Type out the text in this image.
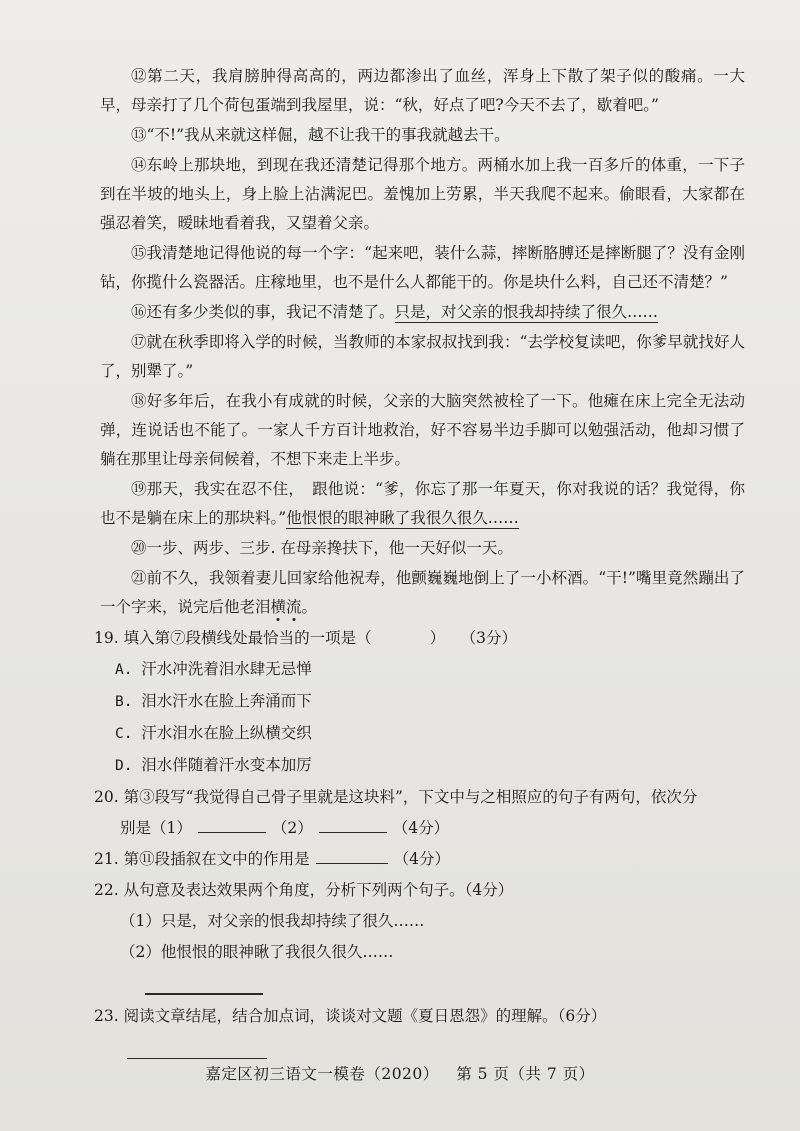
⑫第二天，我肩膀肿得高高的，两边都渗出了血丝，浑身上下散了架子似的酸痛。一大早，母亲打了几个荷包蛋端到我屋里，说：“秋，好点了吧?今天不去了，歇着吧。”

⑬“不!”我从来就这样倔，越不让我干的事我就越去干。

⑭东岭上那块地，到现在我还清楚记得那个地方。两桶水加上我一百多斤的体重，一下子到在半坡的地头上，身上脸上沾满泥巴。羞愧加上劳累，半天我爬不起来。偷眼看，大家都在强忍着笑，暧昧地看着我，又望着父亲。

⑮我清楚地记得他说的每一个字：“起来吧，装什么蒜，摔断胳膊还是摔断腿了？没有金刚钻，你揽什么瓷器活。庄稼地里，也不是什么人都能干的。你是块什么料，自己还不清楚？”

⑯还有多少类似的事，我记不清楚了。只是，对父亲的恨我却持续了很久……

⑰就在秋季即将入学的时候，当教师的本家叔叔找到我：“去学校复读吧，你爹早就找好人了，别犟了。”

⑱好多年后，在我小有成就的时候，父亲的大脑突然被栓了一下。他瘫在床上完全无法动弹，连说话也不能了。一家人千方百计地救治，好不容易半边手脚可以勉强活动，他却习惯了躺在那里让母亲伺候着，不想下来走上半步。

⑲那天，我实在忍不住，　跟他说：“爹，你忘了那一年夏天，你对我说的话？我觉得，你也不是躺在床上的那块料。”他恨恨的眼神瞅了我很久很久……

⑳一步、两步、三步. 在母亲搀扶下，他一天好似一天。

㉑前不久，我领着妻儿回家给他祝寿，他颤巍巍地倒上了一小杯酒。“干!”嘴里竟然蹦出了一个字来，说完后他老泪横流。

19. 填入第⑦段横线处最恰当的一项是（	）　　 （3分）

A. 汗水冲洗着泪水肆无忌惮

B. 泪水汗水在脸上奔涌而下

C. 汗水泪水在脸上纵横交织

D. 泪水伴随着汗水变本加厉

20. 第③段写“我觉得自己骨子里就是这块料”，下文中与之相照应的句子有两句，依次分

别是（1）	（2）	（4分）

21. 第⑪段插叙在文中的作用是	（4分）

22. 从句意及表达效果两个角度，分析下列两个句子。（4分）

（1）只是，对父亲的恨我却持续了很久……

（2）他恨恨的眼神瞅了我很久很久……

23. 阅读文章结尾，结合加点词，谈谈对文题《夏日恩怨》的理解。（6分）

嘉定区初三语文一模卷（2020） 第 5 页（共 7 页）
